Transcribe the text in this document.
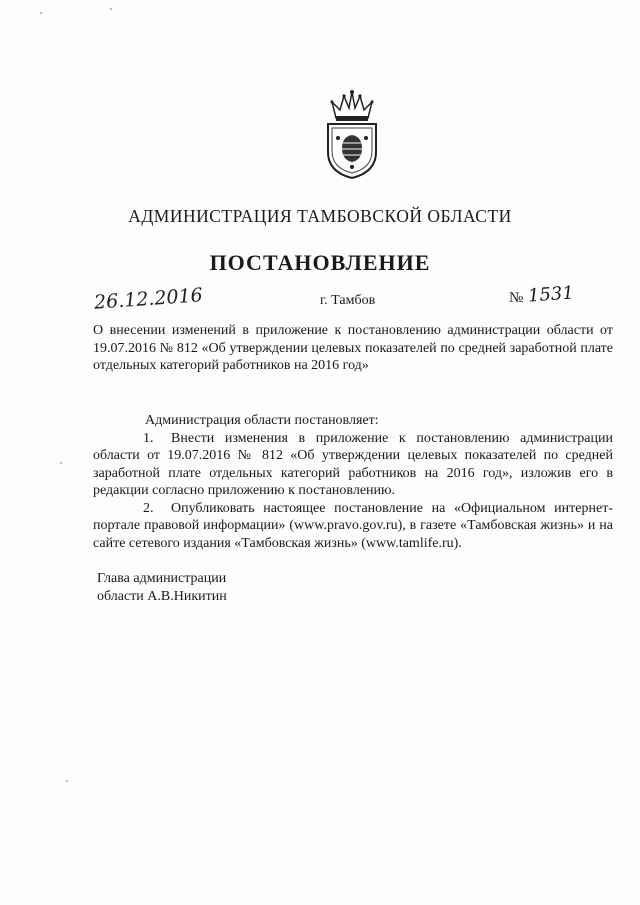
АДМИНИСТРАЦИЯ ТАМБОВСКОЙ ОБЛАСТИ
ПОСТАНОВЛЕНИЕ
26.12.2016	г. Тамбов	№ 1531
О внесении изменений в приложение к постановлению администрации области от 19.07.2016 № 812 «Об утверждении целевых показателей по средней заработной плате отдельных категорий работников на 2016 год»

Администрация области постановляет:

1. Внести изменения в приложение к постановлению администрации области от 19.07.2016 № 812 «Об утверждении целевых показателей по средней заработной плате отдельных категорий работников на 2016 год», изложив его в редакции согласно приложению к постановлению.

2. Опубликовать настоящее постановление на «Официальном интернет-портале правовой информации» (www.pravo.gov.ru), в газете «Тамбовская жизнь» и на сайте сетевого издания «Тамбовская жизнь» (www.tamlife.ru).

Глава администрации
области А.В.Никитин
